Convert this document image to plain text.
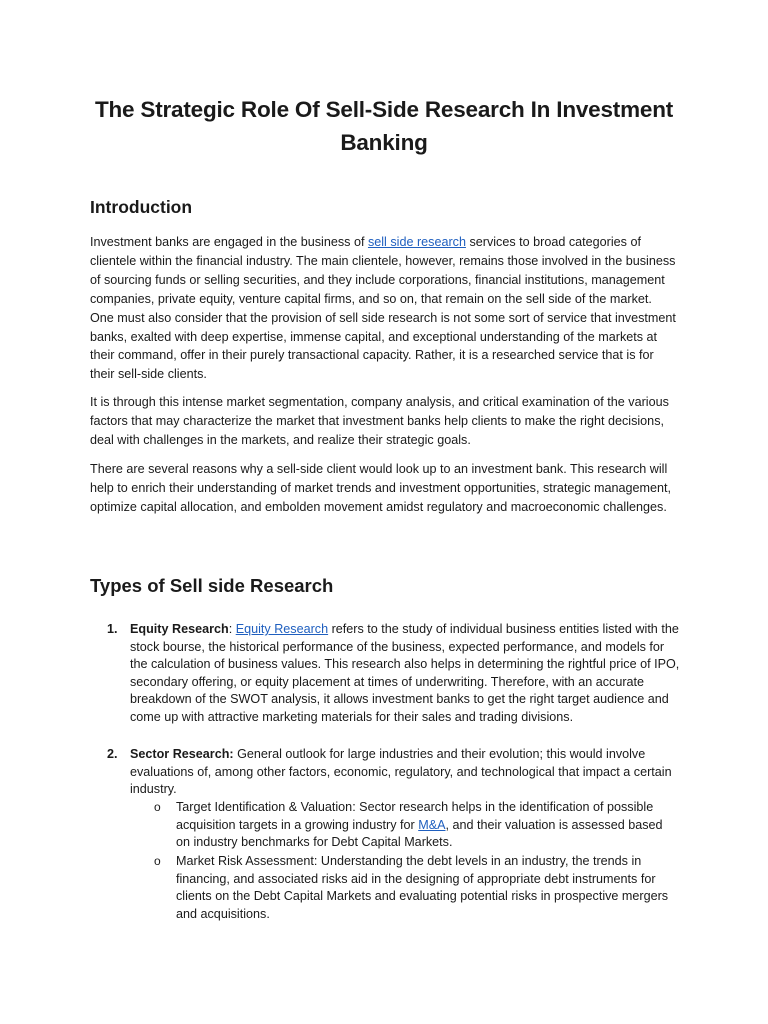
The Strategic Role Of Sell-Side Research In Investment Banking
Introduction

Investment banks are engaged in the business of sell side research services to broad categories of clientele within the financial industry. The main clientele, however, remains those involved in the business of sourcing funds or selling securities, and they include corporations, financial institutions, management companies, private equity, venture capital firms, and so on, that remain on the sell side of the market. One must also consider that the provision of sell side research is not some sort of service that investment banks, exalted with deep expertise, immense capital, and exceptional understanding of the markets at their command, offer in their purely transactional capacity. Rather, it is a researched service that is for their sell-side clients.

It is through this intense market segmentation, company analysis, and critical examination of the various factors that may characterize the market that investment banks help clients to make the right decisions, deal with challenges in the markets, and realize their strategic goals.

There are several reasons why a sell-side client would look up to an investment bank. This research will help to enrich their understanding of market trends and investment opportunities, strategic management, optimize capital allocation, and embolden movement amidst regulatory and macroeconomic challenges.

Types of Sell side Research
1. Equity Research: Equity Research refers to the study of individual business entities listed with the stock bourse, the historical performance of the business, expected performance, and models for the calculation of business values. This research also helps in determining the rightful price of IPO, secondary offering, or equity placement at times of underwriting. Therefore, with an accurate breakdown of the SWOT analysis, it allows investment banks to get the right target audience and come up with attractive marketing materials for their sales and trading divisions.
2. Sector Research: General outlook for large industries and their evolution; this would involve evaluations of, among other factors, economic, regulatory, and technological that impact a certain industry.
o Target Identification & Valuation: Sector research helps in the identification of possible acquisition targets in a growing industry for M&A, and their valuation is assessed based on industry benchmarks for Debt Capital Markets.
o Market Risk Assessment: Understanding the debt levels in an industry, the trends in financing, and associated risks aid in the designing of appropriate debt instruments for clients on the Debt Capital Markets and evaluating potential risks in prospective mergers and acquisitions.
